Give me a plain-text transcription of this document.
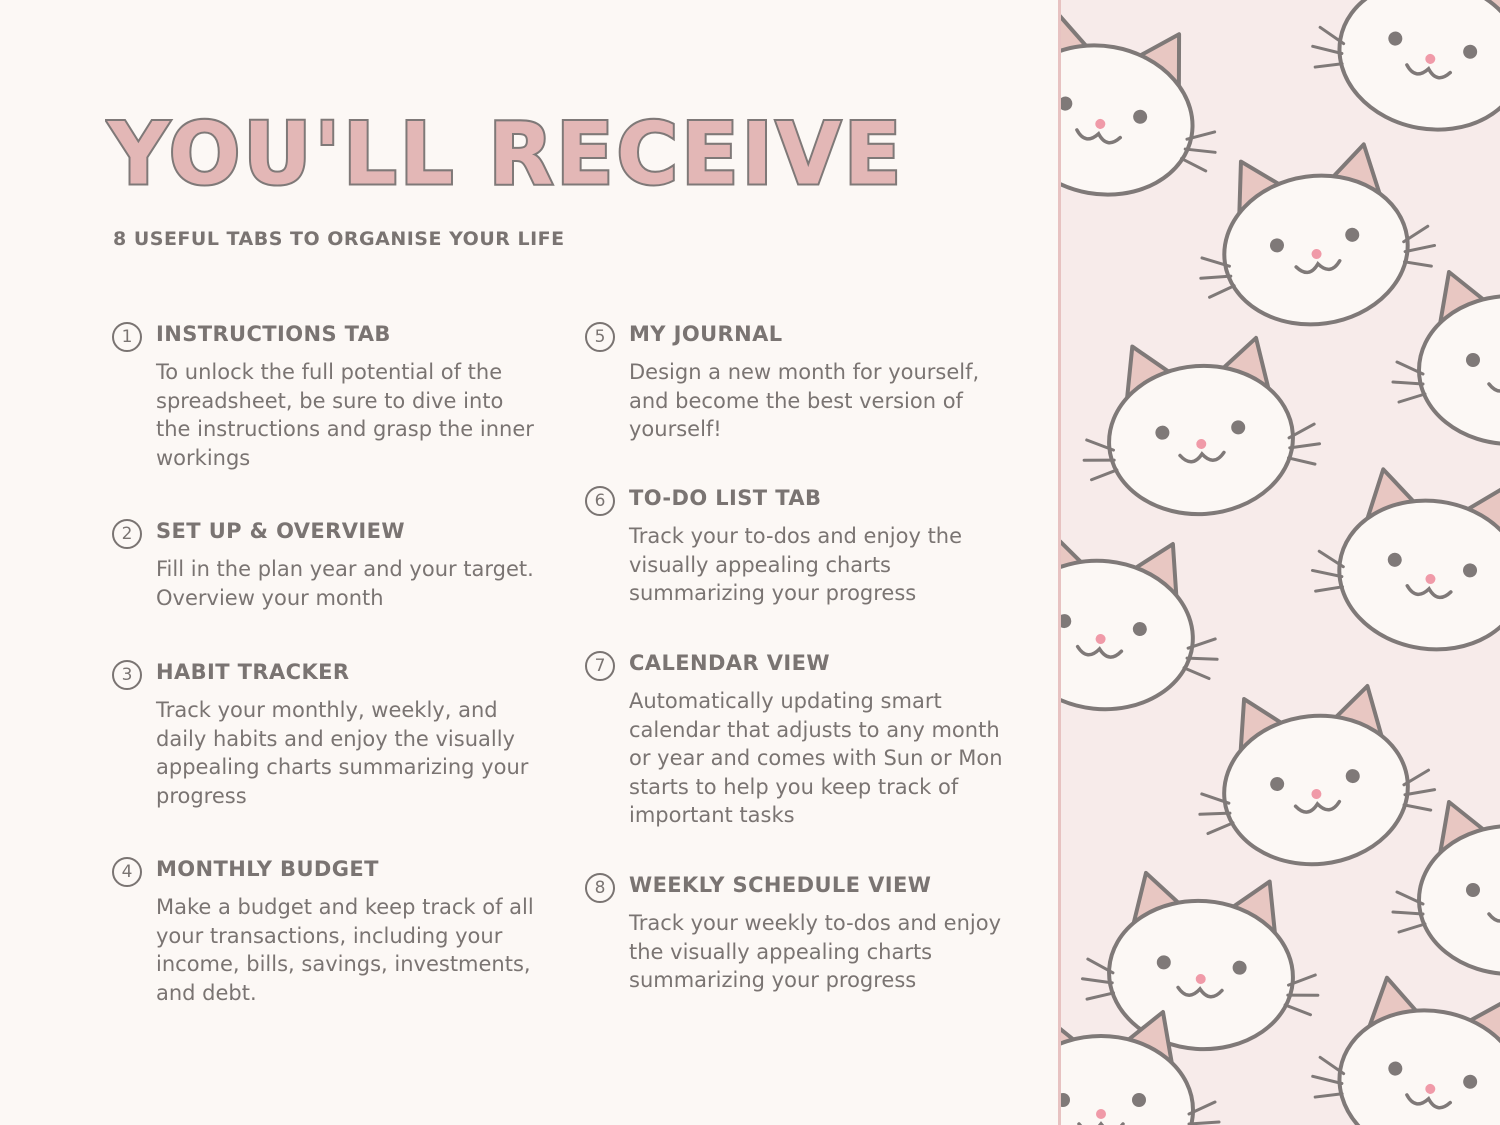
YOU'LL RECEIVE
8 USEFUL TABS TO ORGANISE YOUR LIFE
1	INSTRUCTIONS TAB
To unlock the full potential of the spreadsheet, be sure to dive into the instructions and grasp the inner workings
2	SET UP & OVERVIEW
Fill in the plan year and your target. Overview your month
3	HABIT TRACKER
Track your monthly, weekly, and daily habits and enjoy the visually appealing charts summarizing your progress
4	MONTHLY BUDGET
Make a budget and keep track of all your transactions, including your income, bills, savings, investments, and debt.
5	MY JOURNAL
Design a new month for yourself, and become the best version of yourself!
6	TO-DO LIST TAB
Track your to-dos and enjoy the visually appealing charts summarizing your progress
7	CALENDAR VIEW
Automatically updating smart calendar that adjusts to any month or year and comes with Sun or Mon starts to help you keep track of important tasks
8	WEEKLY SCHEDULE VIEW
Track your weekly to-dos and enjoy the visually appealing charts summarizing your progress
